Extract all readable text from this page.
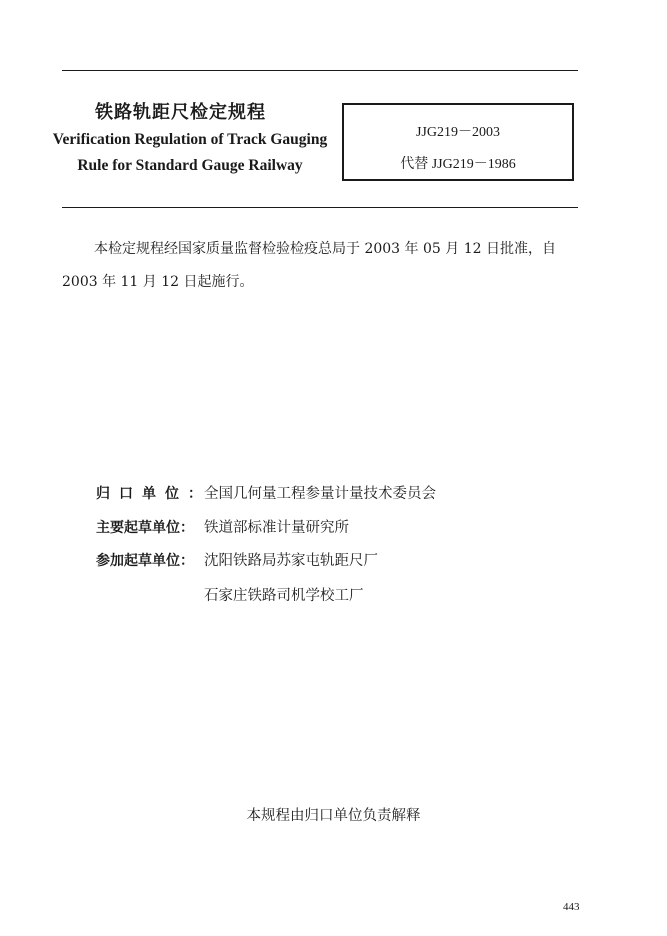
铁路轨距尺检定规程
Verification Regulation of Track Gauging
Rule for Standard Gauge Railway
JJG219－2003
代替 JJG219－1986
本检定规程经国家质量监督检验检疫总局于 2003 年 05 月 12 日批准，自
2003 年 11 月 12 日起施行。
归口单位：全国几何量工程参量计量技术委员会
主要起草单位： 铁道部标准计量研究所
参加起草单位： 沈阳铁路局苏家屯轨距尺厂
石家庄铁路司机学校工厂
本规程由归口单位负责解释
443
